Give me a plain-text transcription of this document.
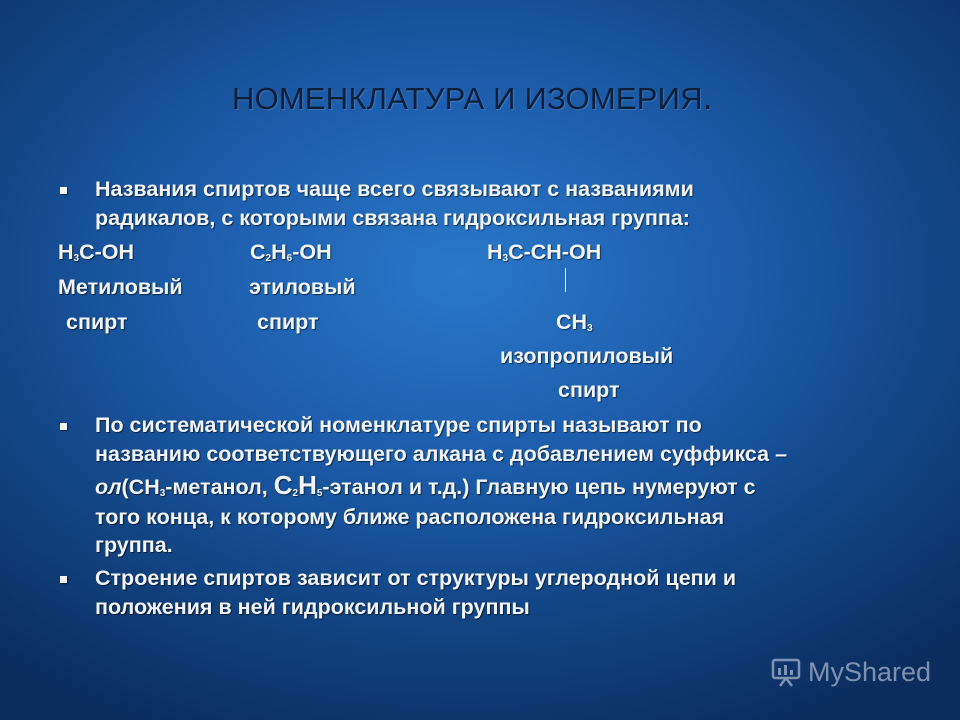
НОМЕНКЛАТУРА И ИЗОМЕРИЯ.
Названия спиртов чаще всего связывают с названиями
радикалов, с которыми связана гидроксильная группа:
$H_3C-OH$	$C_2H_6-OH$	$H_3C-CH-OH$
Метиловый	этиловый
спирт	спирт	$CH_3$
изопропиловый
спирт
По систематической номенклатуре спирты называют по
названию соответствующего алкана с добавлением суффикса –
$ол(CH_3$-метанол, $C_2H_5$-этанол и т.д.) Главную цепь нумеруют с
того конца, к которому ближе расположена гидроксильная
группа.
Строение спиртов зависит от структуры углеродной цепи и
положения в ней гидроксильной группы
MyShared
